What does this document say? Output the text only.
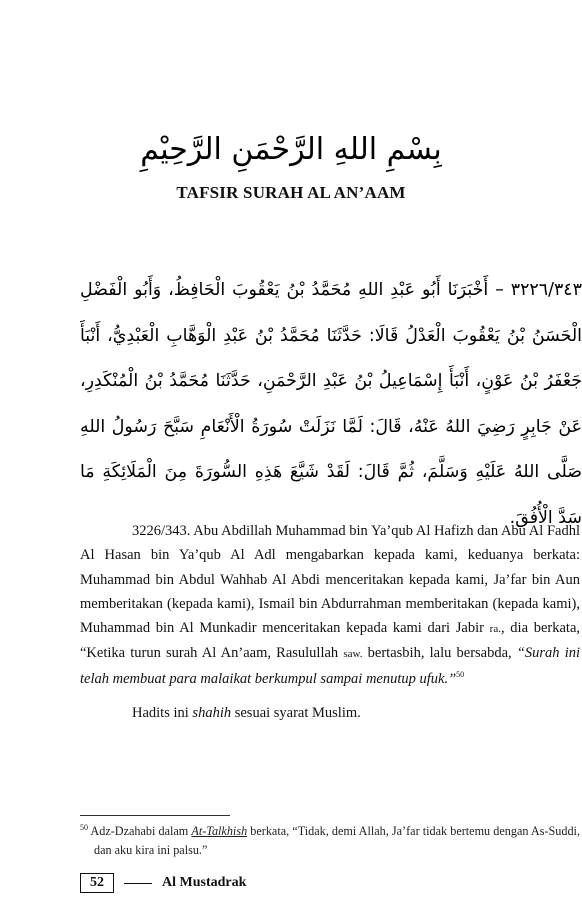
بِسْمِ اللهِ الرَّحْمَنِ الرَّحِيْمِ
TAFSIR SURAH AL AN’AAM
٣٢٢٦/٣٤٣ – أَخْبَرَنَا أَبُو عَبْدِ اللهِ مُحَمَّدُ بْنُ يَعْقُوبَ الْحَافِظُ، وَأَبُو الْفَضْلِ الْحَسَنُ بْنُ يَعْقُوبَ الْعَدْلُ قَالَا: حَدَّثَنَا مُحَمَّدُ بْنُ عَبْدِ الْوَهَّابِ الْعَبْدِيُّ، أَنْبَأَ جَعْفَرُ بْنُ عَوْنٍ، أَنْبَأَ إِسْمَاعِيلُ بْنُ عَبْدِ الرَّحْمَنِ، حَدَّثَنَا مُحَمَّدُ بْنُ الْمُنْكَدِرِ، عَنْ جَابِرٍ رَضِيَ اللهُ عَنْهُ، قَالَ: لَمَّا نَزَلَتْ سُورَةُ الْأَنْعَامِ سَبَّحَ رَسُولُ اللهِ صَلَّى اللهُ عَلَيْهِ وَسَلَّمَ، ثُمَّ قَالَ: لَقَدْ شَيَّعَ هَذِهِ السُّورَةَ مِنَ الْمَلَائِكَةِ مَا سَدَّ الْأُفُقَ.

3226/343. Abu Abdillah Muhammad bin Ya’qub Al Hafizh dan Abu Al Fadhl Al Hasan bin Ya’qub Al Adl mengabarkan kepada kami, keduanya berkata: Muhammad bin Abdul Wahhab Al Abdi menceritakan kepada kami, Ja’far bin Aun memberitakan (kepada kami), Ismail bin Abdurrahman memberitakan (kepada kami), Muhammad bin Al Munkadir menceritakan kepada kami dari Jabir ra., dia berkata, “Ketika turun surah Al An’aam, Rasulullah saw. bertasbih, lalu bersabda, “Surah ini telah membuat para malaikat berkumpul sampai menutup ufuk.”$^{50}$

Hadits ini shahih sesuai syarat Muslim.

$^{50}$ Adz-Dzahabi dalam At-Talkhish berkata, “Tidak, demi Allah, Ja’far tidak bertemu dengan As-Suddi, dan aku kira ini palsu.”
52	Al Mustadrak
